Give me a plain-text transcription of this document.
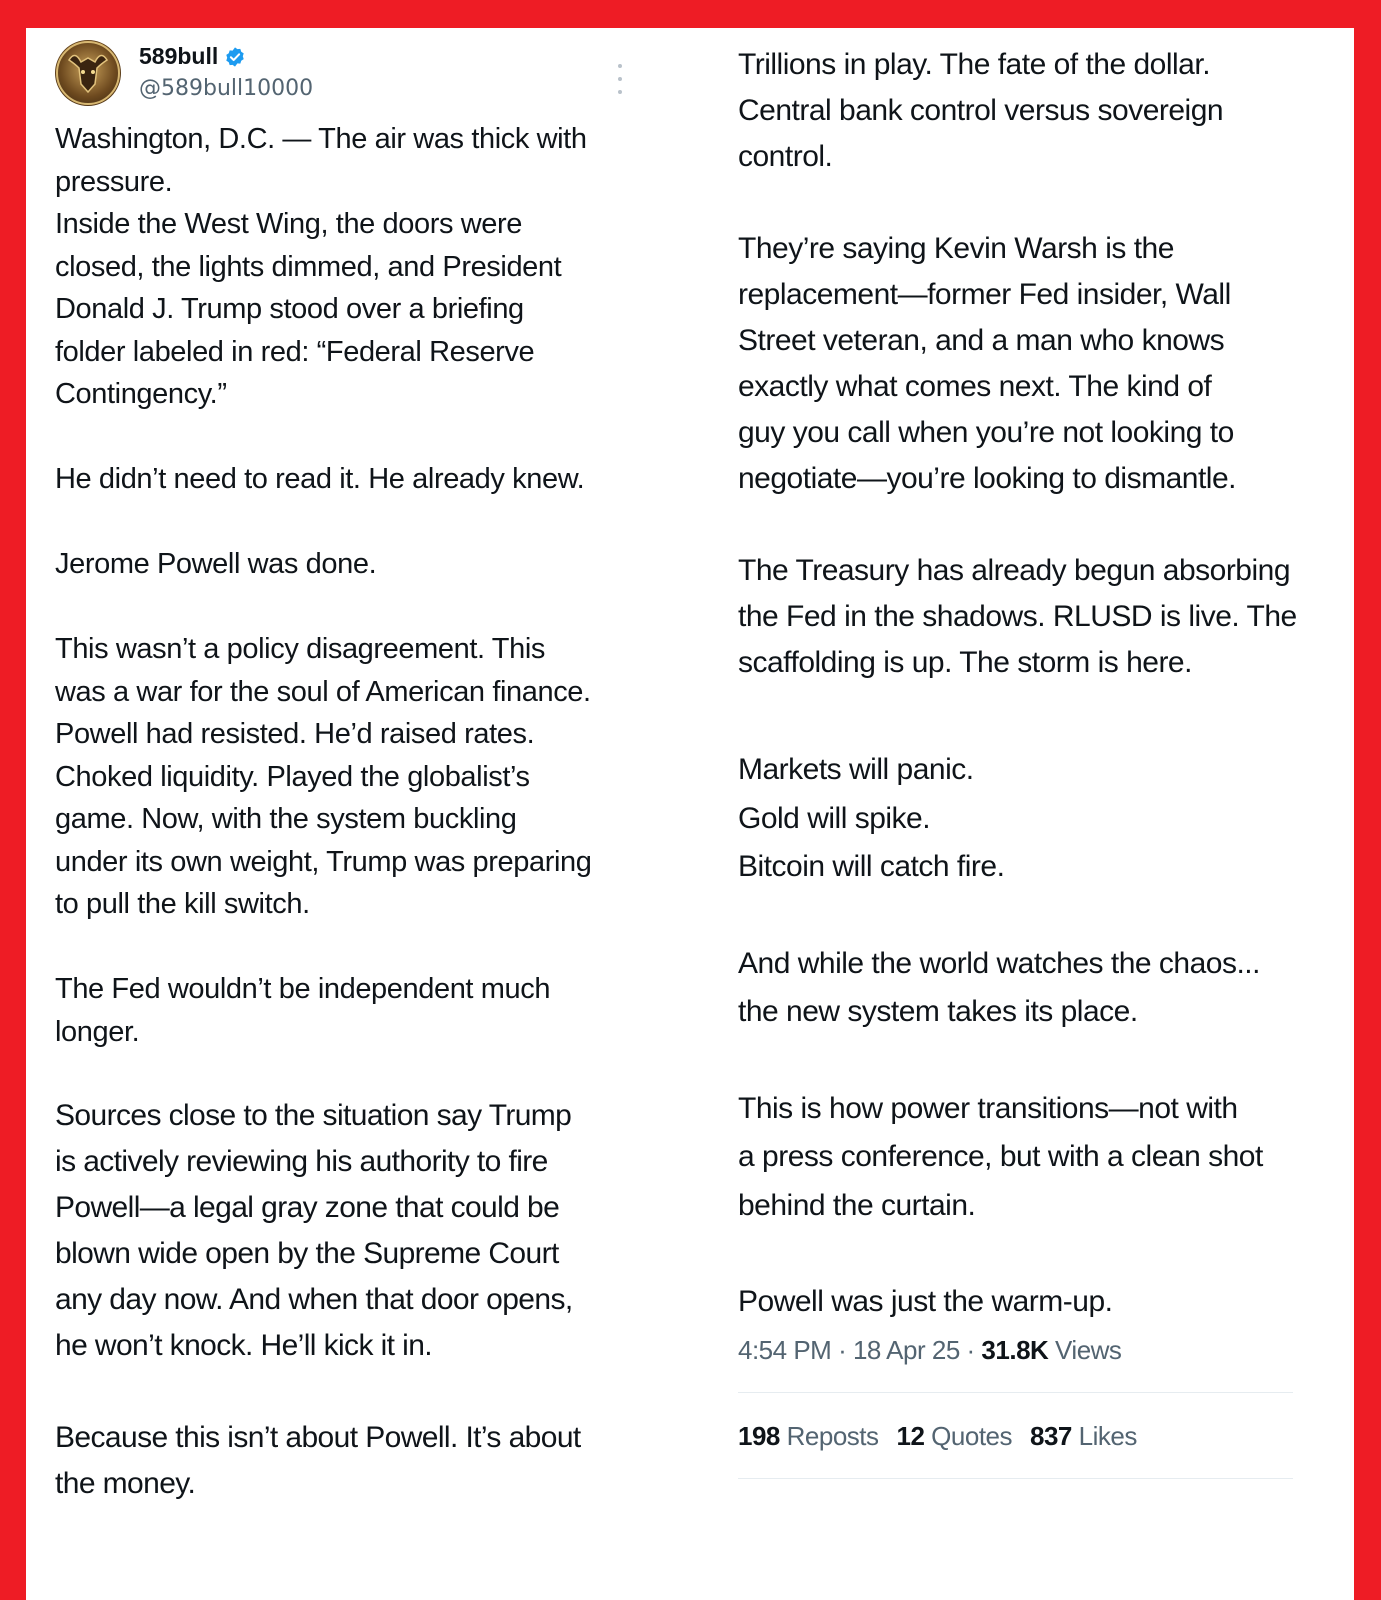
589bull
@589bull10000

Washington, D.C. — The air was thick with
pressure.
Inside the West Wing, the doors were
closed, the lights dimmed, and President
Donald J. Trump stood over a briefing
folder labeled in red: “Federal Reserve
Contingency.”

He didn’t need to read it. He already knew.

Jerome Powell was done.

This wasn’t a policy disagreement. This
was a war for the soul of American finance.
Powell had resisted. He’d raised rates.
Choked liquidity. Played the globalist’s
game. Now, with the system buckling
under its own weight, Trump was preparing
to pull the kill switch.

The Fed wouldn’t be independent much
longer.

Sources close to the situation say Trump
is actively reviewing his authority to fire
Powell—a legal gray zone that could be
blown wide open by the Supreme Court
any day now. And when that door opens,
he won’t knock. He’ll kick it in.

Because this isn’t about Powell. It’s about
the money.

Trillions in play. The fate of the dollar.
Central bank control versus sovereign
control.

They’re saying Kevin Warsh is the
replacement—former Fed insider, Wall
Street veteran, and a man who knows
exactly what comes next. The kind of
guy you call when you’re not looking to
negotiate—you’re looking to dismantle.

The Treasury has already begun absorbing
the Fed in the shadows. RLUSD is live. The
scaffolding is up. The storm is here.

Markets will panic.
Gold will spike.
Bitcoin will catch fire.

And while the world watches the chaos...
the new system takes its place.

This is how power transitions—not with
a press conference, but with a clean shot
behind the curtain.

Powell was just the warm-up.

4:54 PM · 18 Apr 25 · 31.8K Views
198 Reposts 12 Quotes 837 Likes
